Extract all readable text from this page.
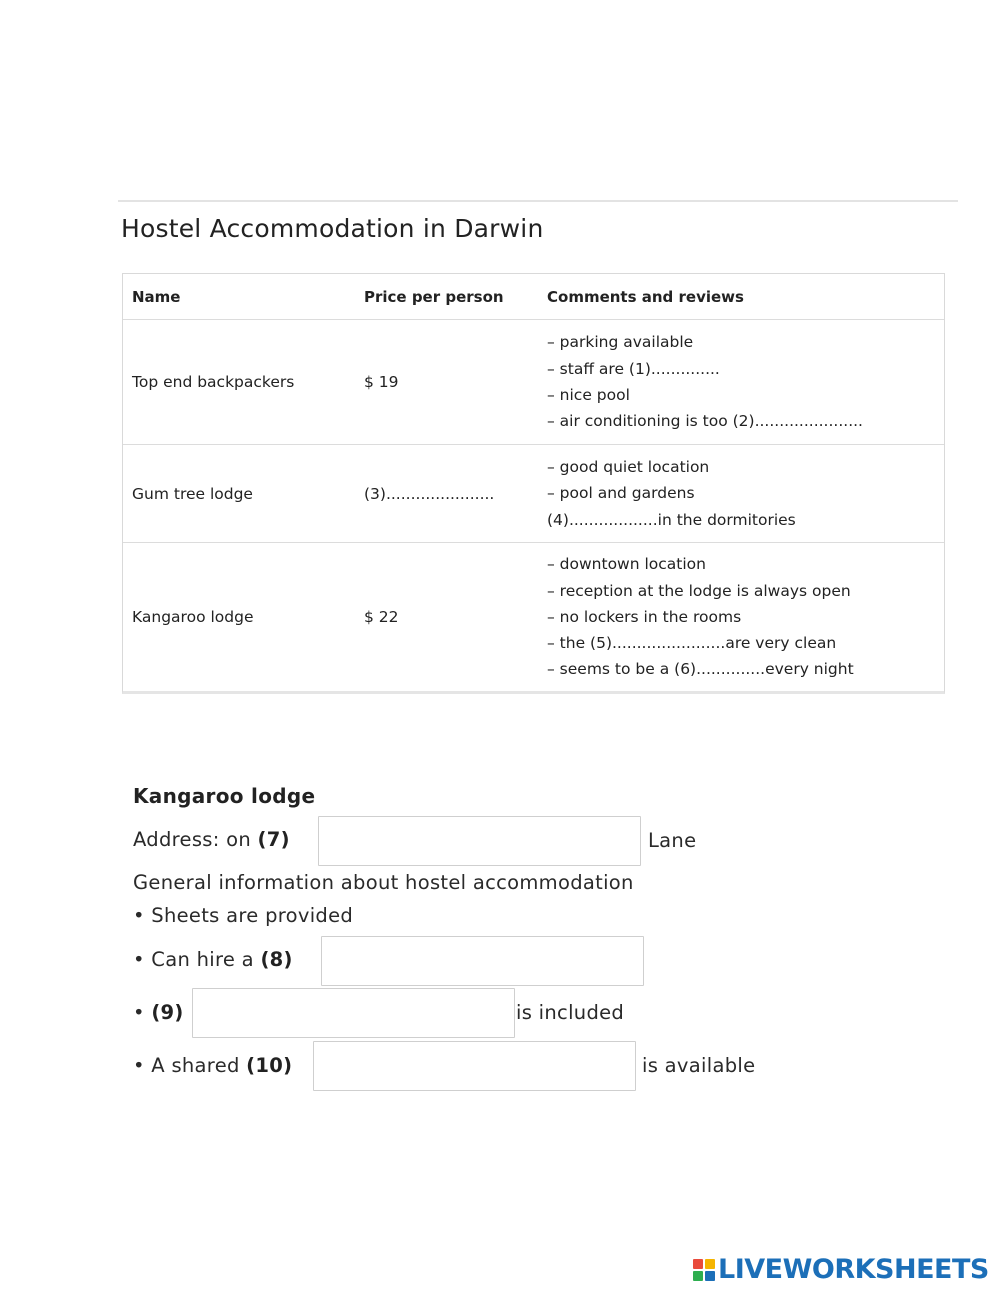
Hostel Accommodation in Darwin
Name	Price per person	Comments and reviews
Top end backpackers	$ 19
– parking available
– staff are (1)..............
– nice pool
– air conditioning is too (2)......................
Gum tree lodge	(3)......................
– good quiet location
– pool and gardens
(4)..................in the dormitories
Kangaroo lodge	$ 22
– downtown location
– reception at the lodge is always open
– no lockers in the rooms
– the (5).......................are very clean
– seems to be a (6)..............every night
Kangaroo lodge
Address: on (7)	Lane
General information about hostel accommodation
• Sheets are provided
• Can hire a (8)
• (9)	is included
• A shared (10)	is available
LIVEWORKSHEETS
